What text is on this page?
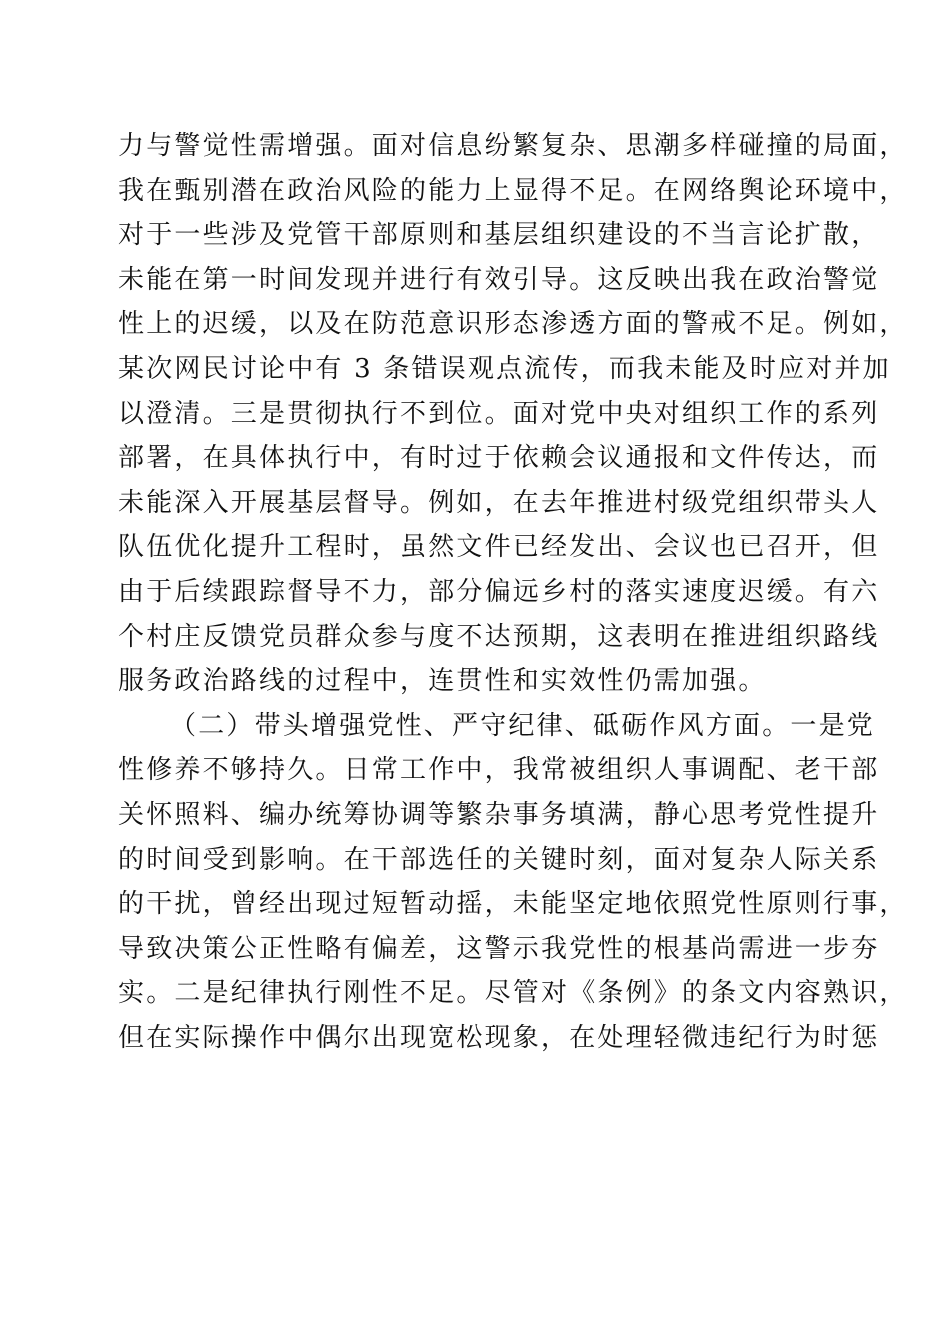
力与警觉性需增强。面对信息纷繁复杂、思潮多样碰撞的局面，
我在甄别潜在政治风险的能力上显得不足。在网络舆论环境中，
对于一些涉及党管干部原则和基层组织建设的不当言论扩散，
未能在第一时间发现并进行有效引导。这反映出我在政治警觉
性上的迟缓，以及在防范意识形态渗透方面的警戒不足。例如，
某次网民讨论中有 3 条错误观点流传，而我未能及时应对并加
以澄清。三是贯彻执行不到位。面对党中央对组织工作的系列
部署，在具体执行中，有时过于依赖会议通报和文件传达，而
未能深入开展基层督导。例如，在去年推进村级党组织带头人
队伍优化提升工程时，虽然文件已经发出、会议也已召开，但
由于后续跟踪督导不力，部分偏远乡村的落实速度迟缓。有六
个村庄反馈党员群众参与度不达预期，这表明在推进组织路线
服务政治路线的过程中，连贯性和实效性仍需加强。
（二）带头增强党性、严守纪律、砥砺作风方面。一是党
性修养不够持久。日常工作中，我常被组织人事调配、老干部
关怀照料、编办统筹协调等繁杂事务填满，静心思考党性提升
的时间受到影响。在干部选任的关键时刻，面对复杂人际关系
的干扰，曾经出现过短暂动摇，未能坚定地依照党性原则行事，
导致决策公正性略有偏差，这警示我党性的根基尚需进一步夯
实。二是纪律执行刚性不足。尽管对《条例》的条文内容熟识，
但在实际操作中偶尔出现宽松现象，在处理轻微违纪行为时惩
